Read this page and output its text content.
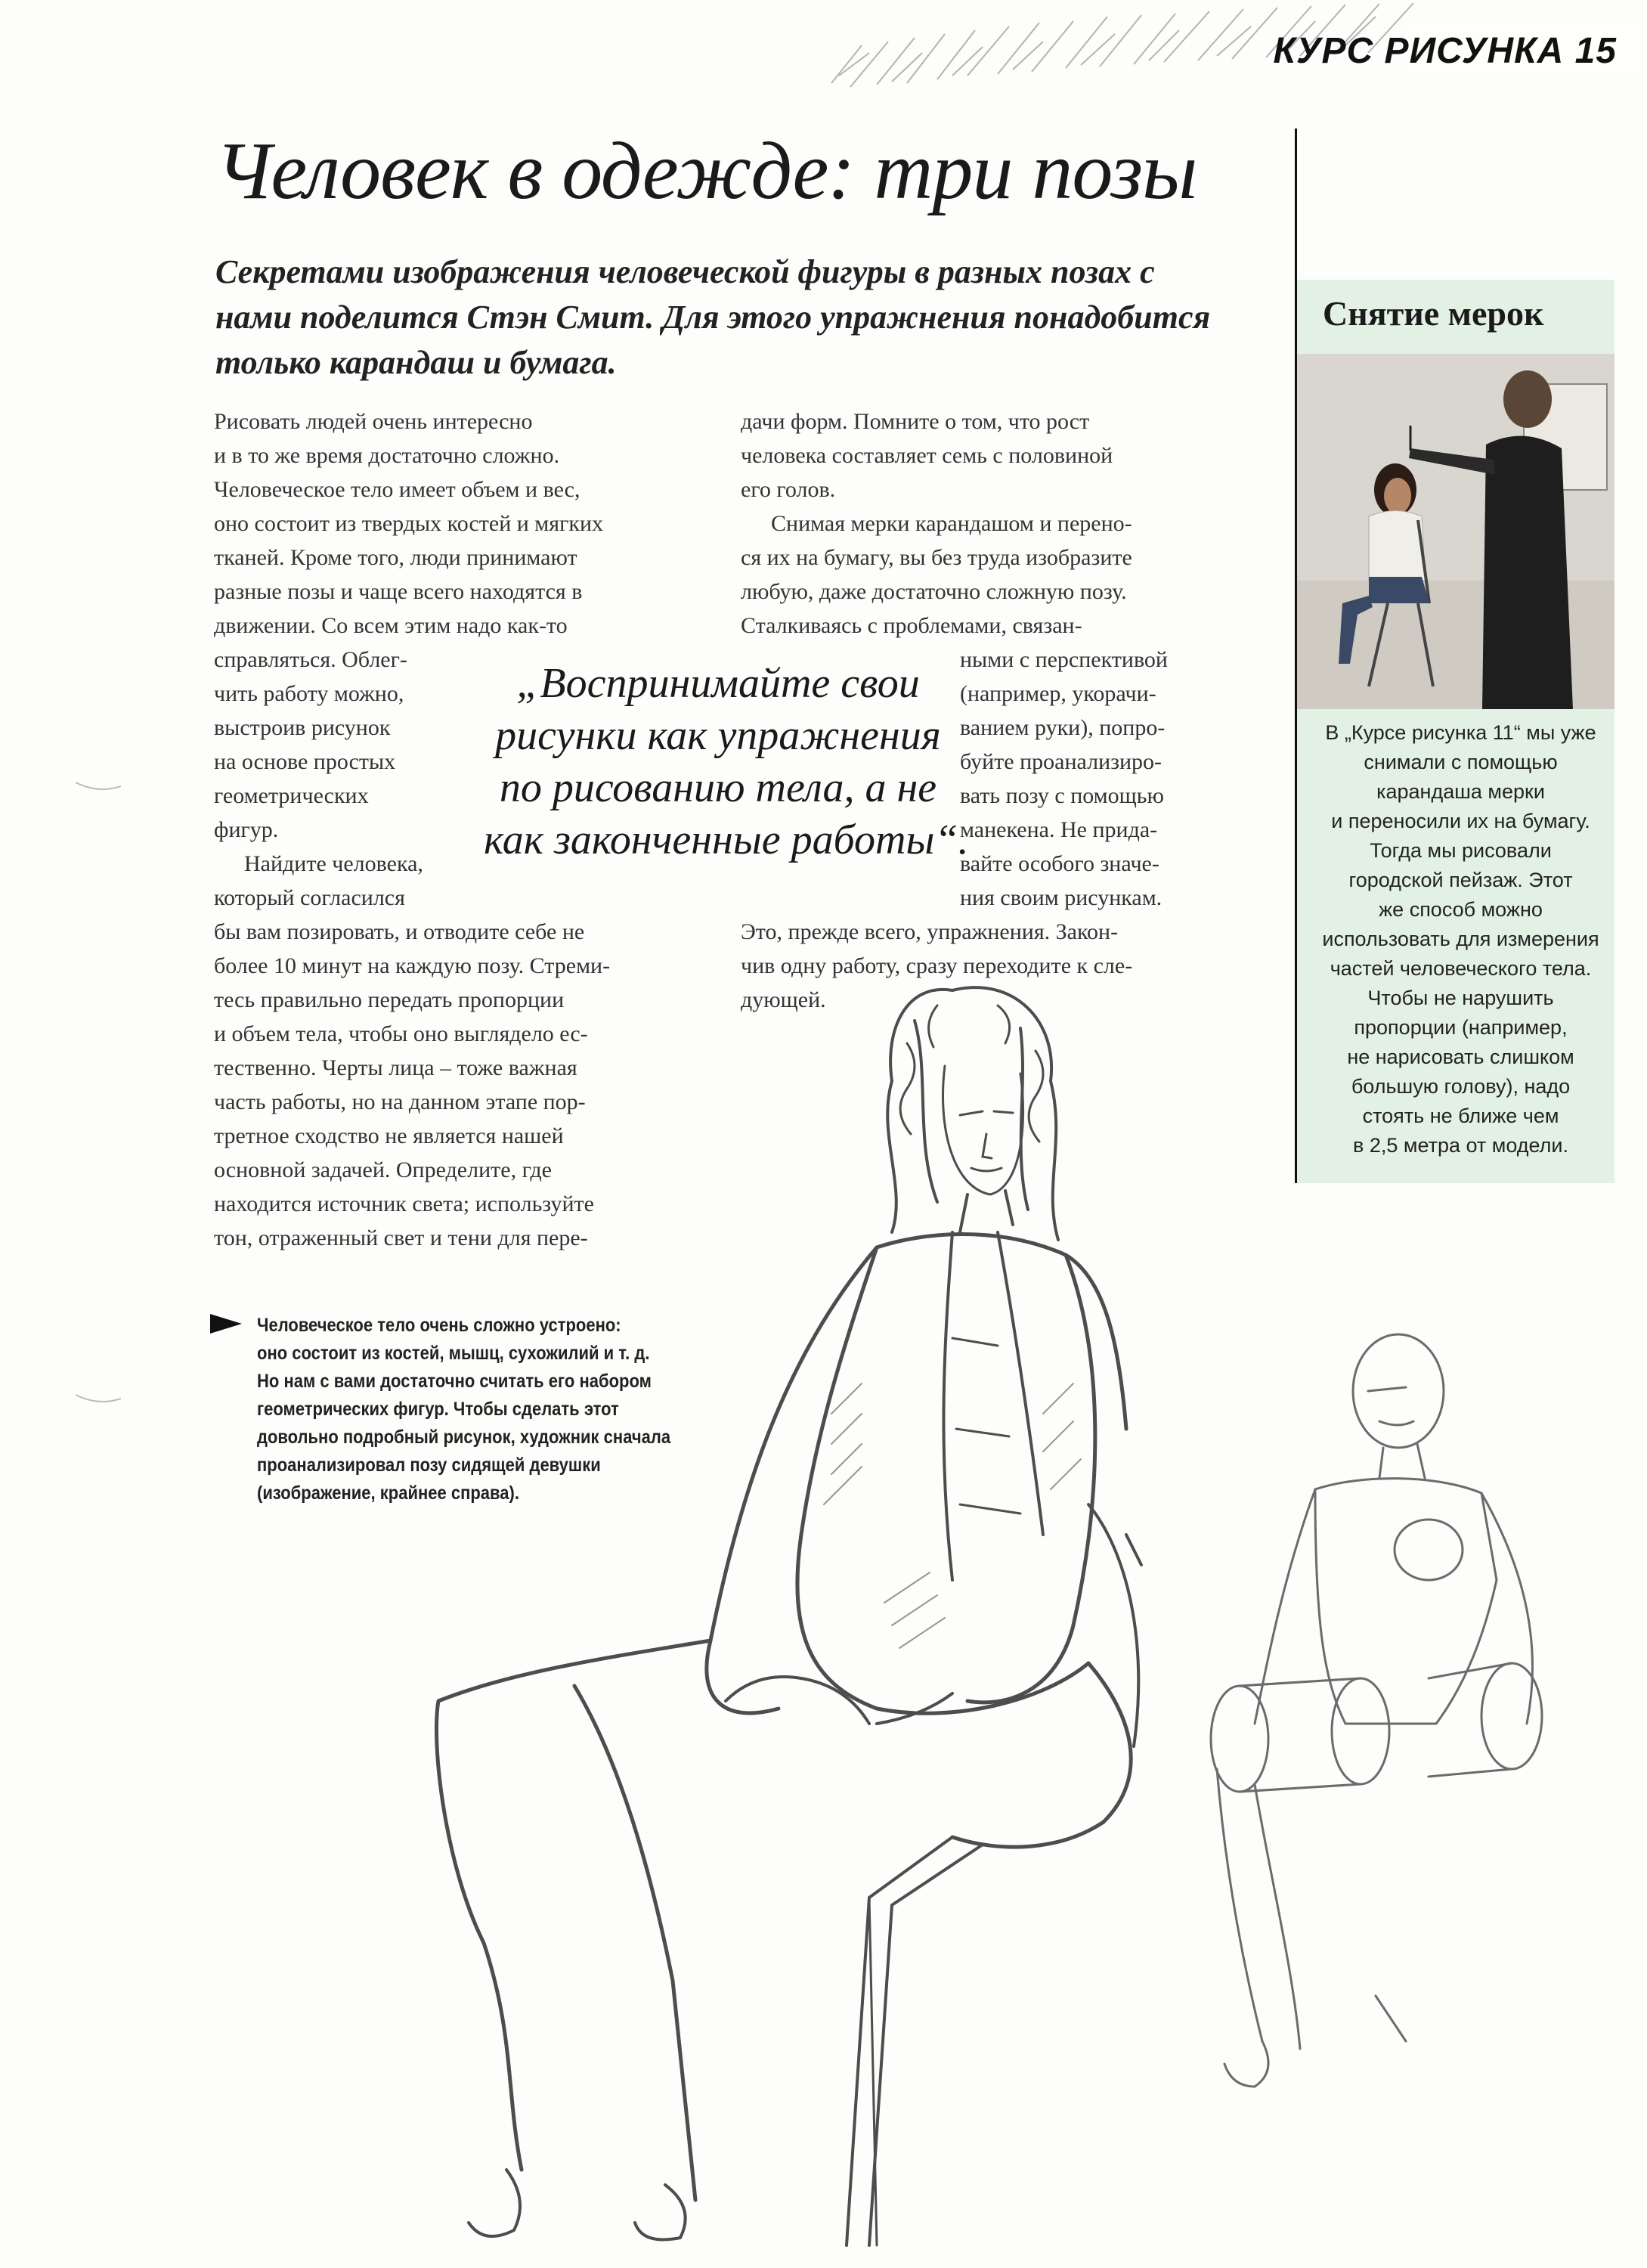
КУРС РИСУНКА 15
Человек в одежде: три позы

Секретами изображения человеческой фигуры в разных позах с нами поделится Стэн Смит. Для этого упражнения понадобится только карандаш и бумага.

Рисовать людей очень интересно
и в то же время достаточно сложно.
Человеческое тело имеет объем и вес,
оно состоит из твердых костей и мягких
тканей. Кроме того, люди принимают
разные позы и чаще всего находятся в
движении. Со всем этим надо как-то
справляться. Облег-
чить работу можно,
выстроив рисунок
на основе простых
геометрических
фигур.
Найдите человека,
который согласился
бы вам позировать, и отводите себе не
более 10 минут на каждую позу. Стреми-
тесь правильно передать пропорции
и объем тела, чтобы оно выглядело ес-
тественно. Черты лица – тоже важная
часть работы, но на данном этапе пор-
третное сходство не является нашей
основной задачей. Определите, где
находится источник света; используйте
тон, отраженный свет и тени для пере-
дачи форм. Помните о том, что рост
человека составляет семь с половиной
его голов.
Снимая мерки карандашом и перено-
ся их на бумагу, вы без труда изобразите
любую, даже достаточно сложную позу.
Сталкиваясь с проблемами, связан-
ными с перспективой
(например, укорачи-
ванием руки), попро-
буйте проанализиро-
вать позу с помощью
манекена. Не прида-
вайте особого значе-
ния своим рисункам.
Это, прежде всего, упражнения. Закон-
чив одну работу, сразу переходите к сле-
дующей.
„Воспринимайте свои
рисунки как упражнения
по рисованию тела, а не
как законченные работы“.
Снятие мерок
В „Курсе рисунка 11“ мы уже
снимали с помощью
карандаша мерки
и переносили их на бумагу.
Тогда мы рисовали
городской пейзаж. Этот
же способ можно
использовать для измерения
частей человеческого тела.
Чтобы не нарушить
пропорции (например,
не нарисовать слишком
большую голову), надо
стоять не ближе чем
в 2,5 метра от модели.
Человеческое тело очень сложно устроено:
оно состоит из костей, мышц, сухожилий и т. д.
Но нам с вами достаточно считать его набором
геометрических фигур. Чтобы сделать этот
довольно подробный рисунок, художник сначала
проанализировал позу сидящей девушки
(изображение, крайнее справа).
